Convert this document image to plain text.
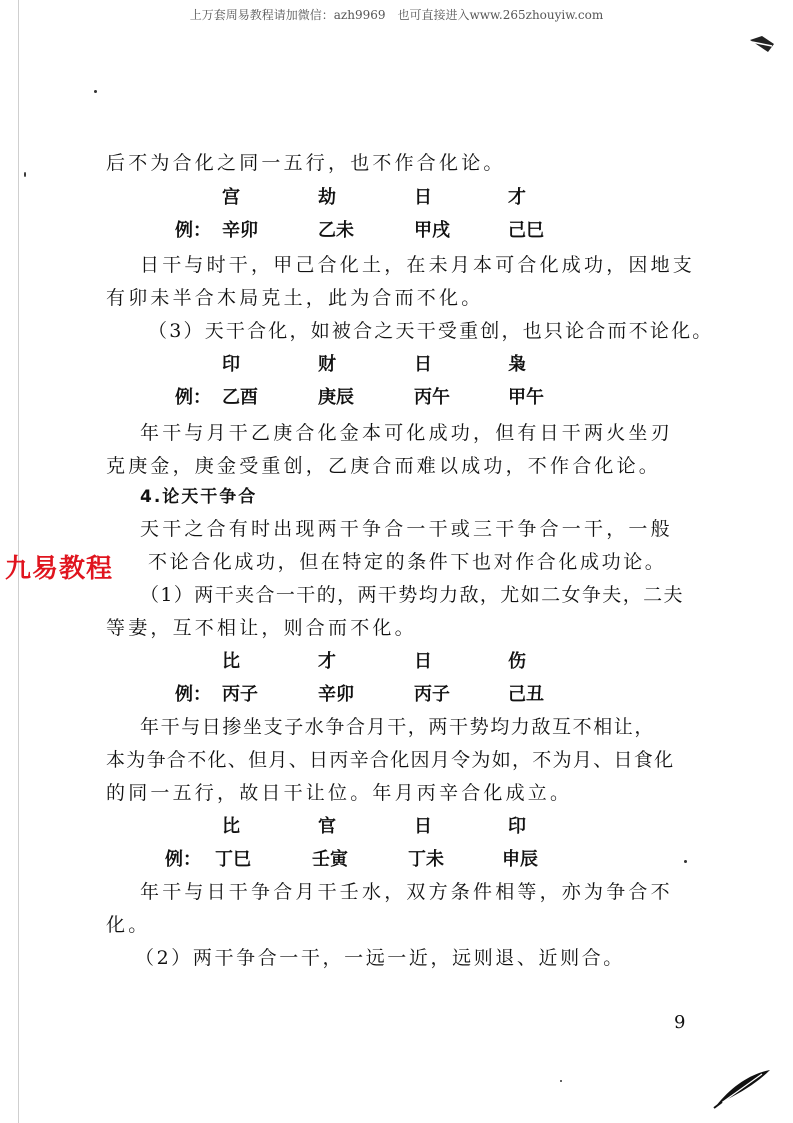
上万套周易教程请加微信：azh9969　也可直接进入www.265zhouyiw.com
后不为合化之同一五行，也不作合化论。
宫	劫	日	才
例： 辛卯	乙未	甲戌	己巳
日干与时干，甲己合化土，在未月本可合化成功，因地支
有卯未半合木局克土，此为合而不化。
（3）天干合化，如被合之天干受重创，也只论合而不论化。
印	财	日	枭
例： 乙酉	庚辰	丙午	甲午
年干与月干乙庚合化金本可化成功，但有日干两火坐刃
克庚金，庚金受重创，乙庚合而难以成功，不作合化论。
4.论天干争合
天干之合有时出现两干争合一干或三干争合一干，一般
不论合化成功，但在特定的条件下也对作合化成功论。
（1）两干夹合一干的，两干势均力敌，尤如二女争夫，二夫
等妻，互不相让，则合而不化。
比	才	日	伤
例： 丙子	辛卯	丙子	己丑
年干与日掺坐支子水争合月干，两干势均力敌互不相让，
本为争合不化、但月、日丙辛合化因月令为如，不为月、日食化
的同一五行，故日干让位。年月丙辛合化成立。
比	官	日	印
例： 丁巳	壬寅	丁未	申辰
年干与日干争合月干壬水，双方条件相等，亦为争合不
化。
（2）两干争合一干，一远一近，远则退、近则合。
九易教程
9
